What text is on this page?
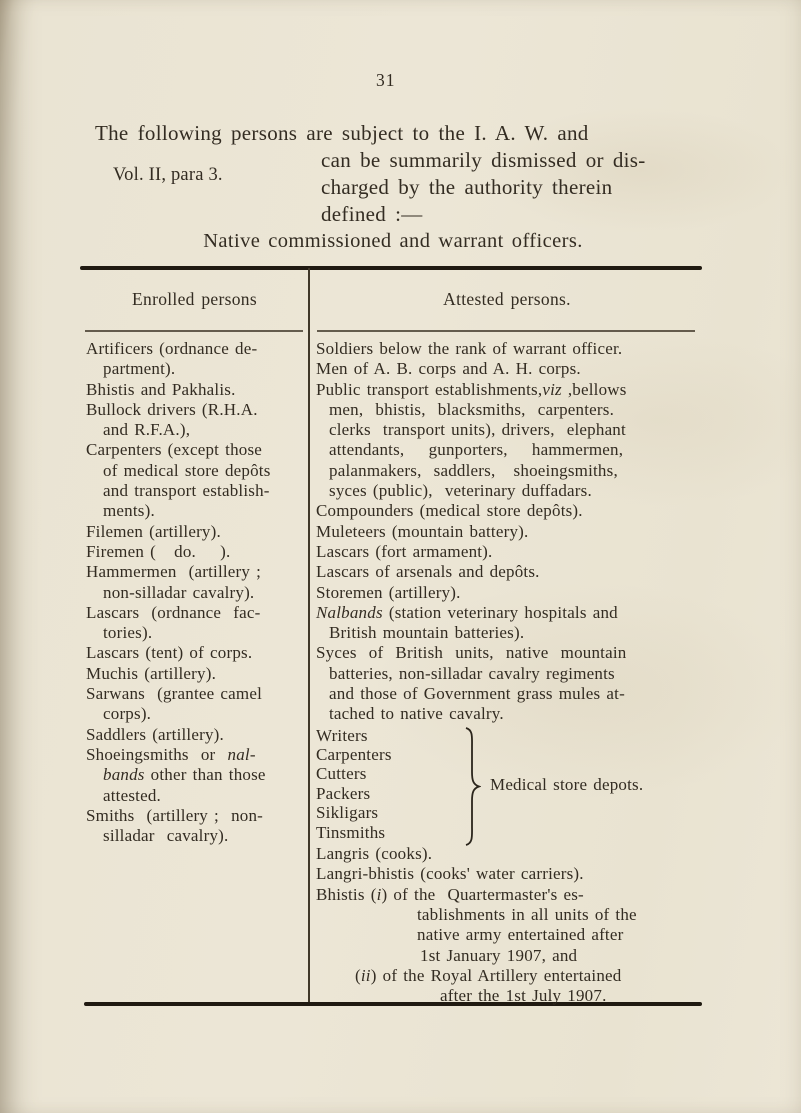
31
The following persons are subject to the I. A. W. and
can be summarily dismissed or dis-
charged by the authority therein
defined :—
Vol. II, para 3.
Native commissioned and warrant officers.
Enrolled persons	Attested persons.
Artificers (ordnance de-
partment).
Bhistis and Pakhalis.
Bullock drivers (R.H.A.
and R.F.A.),
Carpenters (except those
of medical store depôts
and transport establish-
ments).
Filemen (artillery).
Firemen (   do.    ).
Hammermen  (artillery ;
non-silladar cavalry).
Lascars  (ordnance  fac-
tories).
Lascars (tent) of corps.
Muchis (artillery).
Sarwans  (grantee camel
corps).
Saddlers (artillery).
Shoeingsmiths  or  nal-
bands other than those
attested.
Smiths  (artillery ;  non-
silladar  cavalry).
Soldiers below the rank of warrant officer.
Men of A. B. corps and A. H. corps.
Public transport establishments,viz ,bellows
men,  bhistis,  blacksmiths,  carpenters.
clerks  transport units), drivers,  elephant
attendants,    gunporters,    hammermen,
palanmakers,  saddlers,   shoeingsmiths,
syces (public),  veterinary duffadars.
Compounders (medical store depôts).
Muleteers (mountain battery).
Lascars (fort armament).
Lascars of arsenals and depôts.
Storemen (artillery).
Nalbands (station veterinary hospitals and
British mountain batteries).
Syces  of  British  units,  native  mountain
batteries, non-silladar cavalry regiments
and those of Government grass mules at-
tached to native cavalry.
Writers
Carpenters
Cutters
Packers
Sikligars
Tinsmiths
Medical store depots.
Langris (cooks).
Langri-bhistis (cooks' water carriers).
Bhistis (i) of the  Quartermaster's es-
tablishments in all units of the
native army entertained after
1st January 1907, and
(ii) of the Royal Artillery entertained
after the 1st July 1907.
